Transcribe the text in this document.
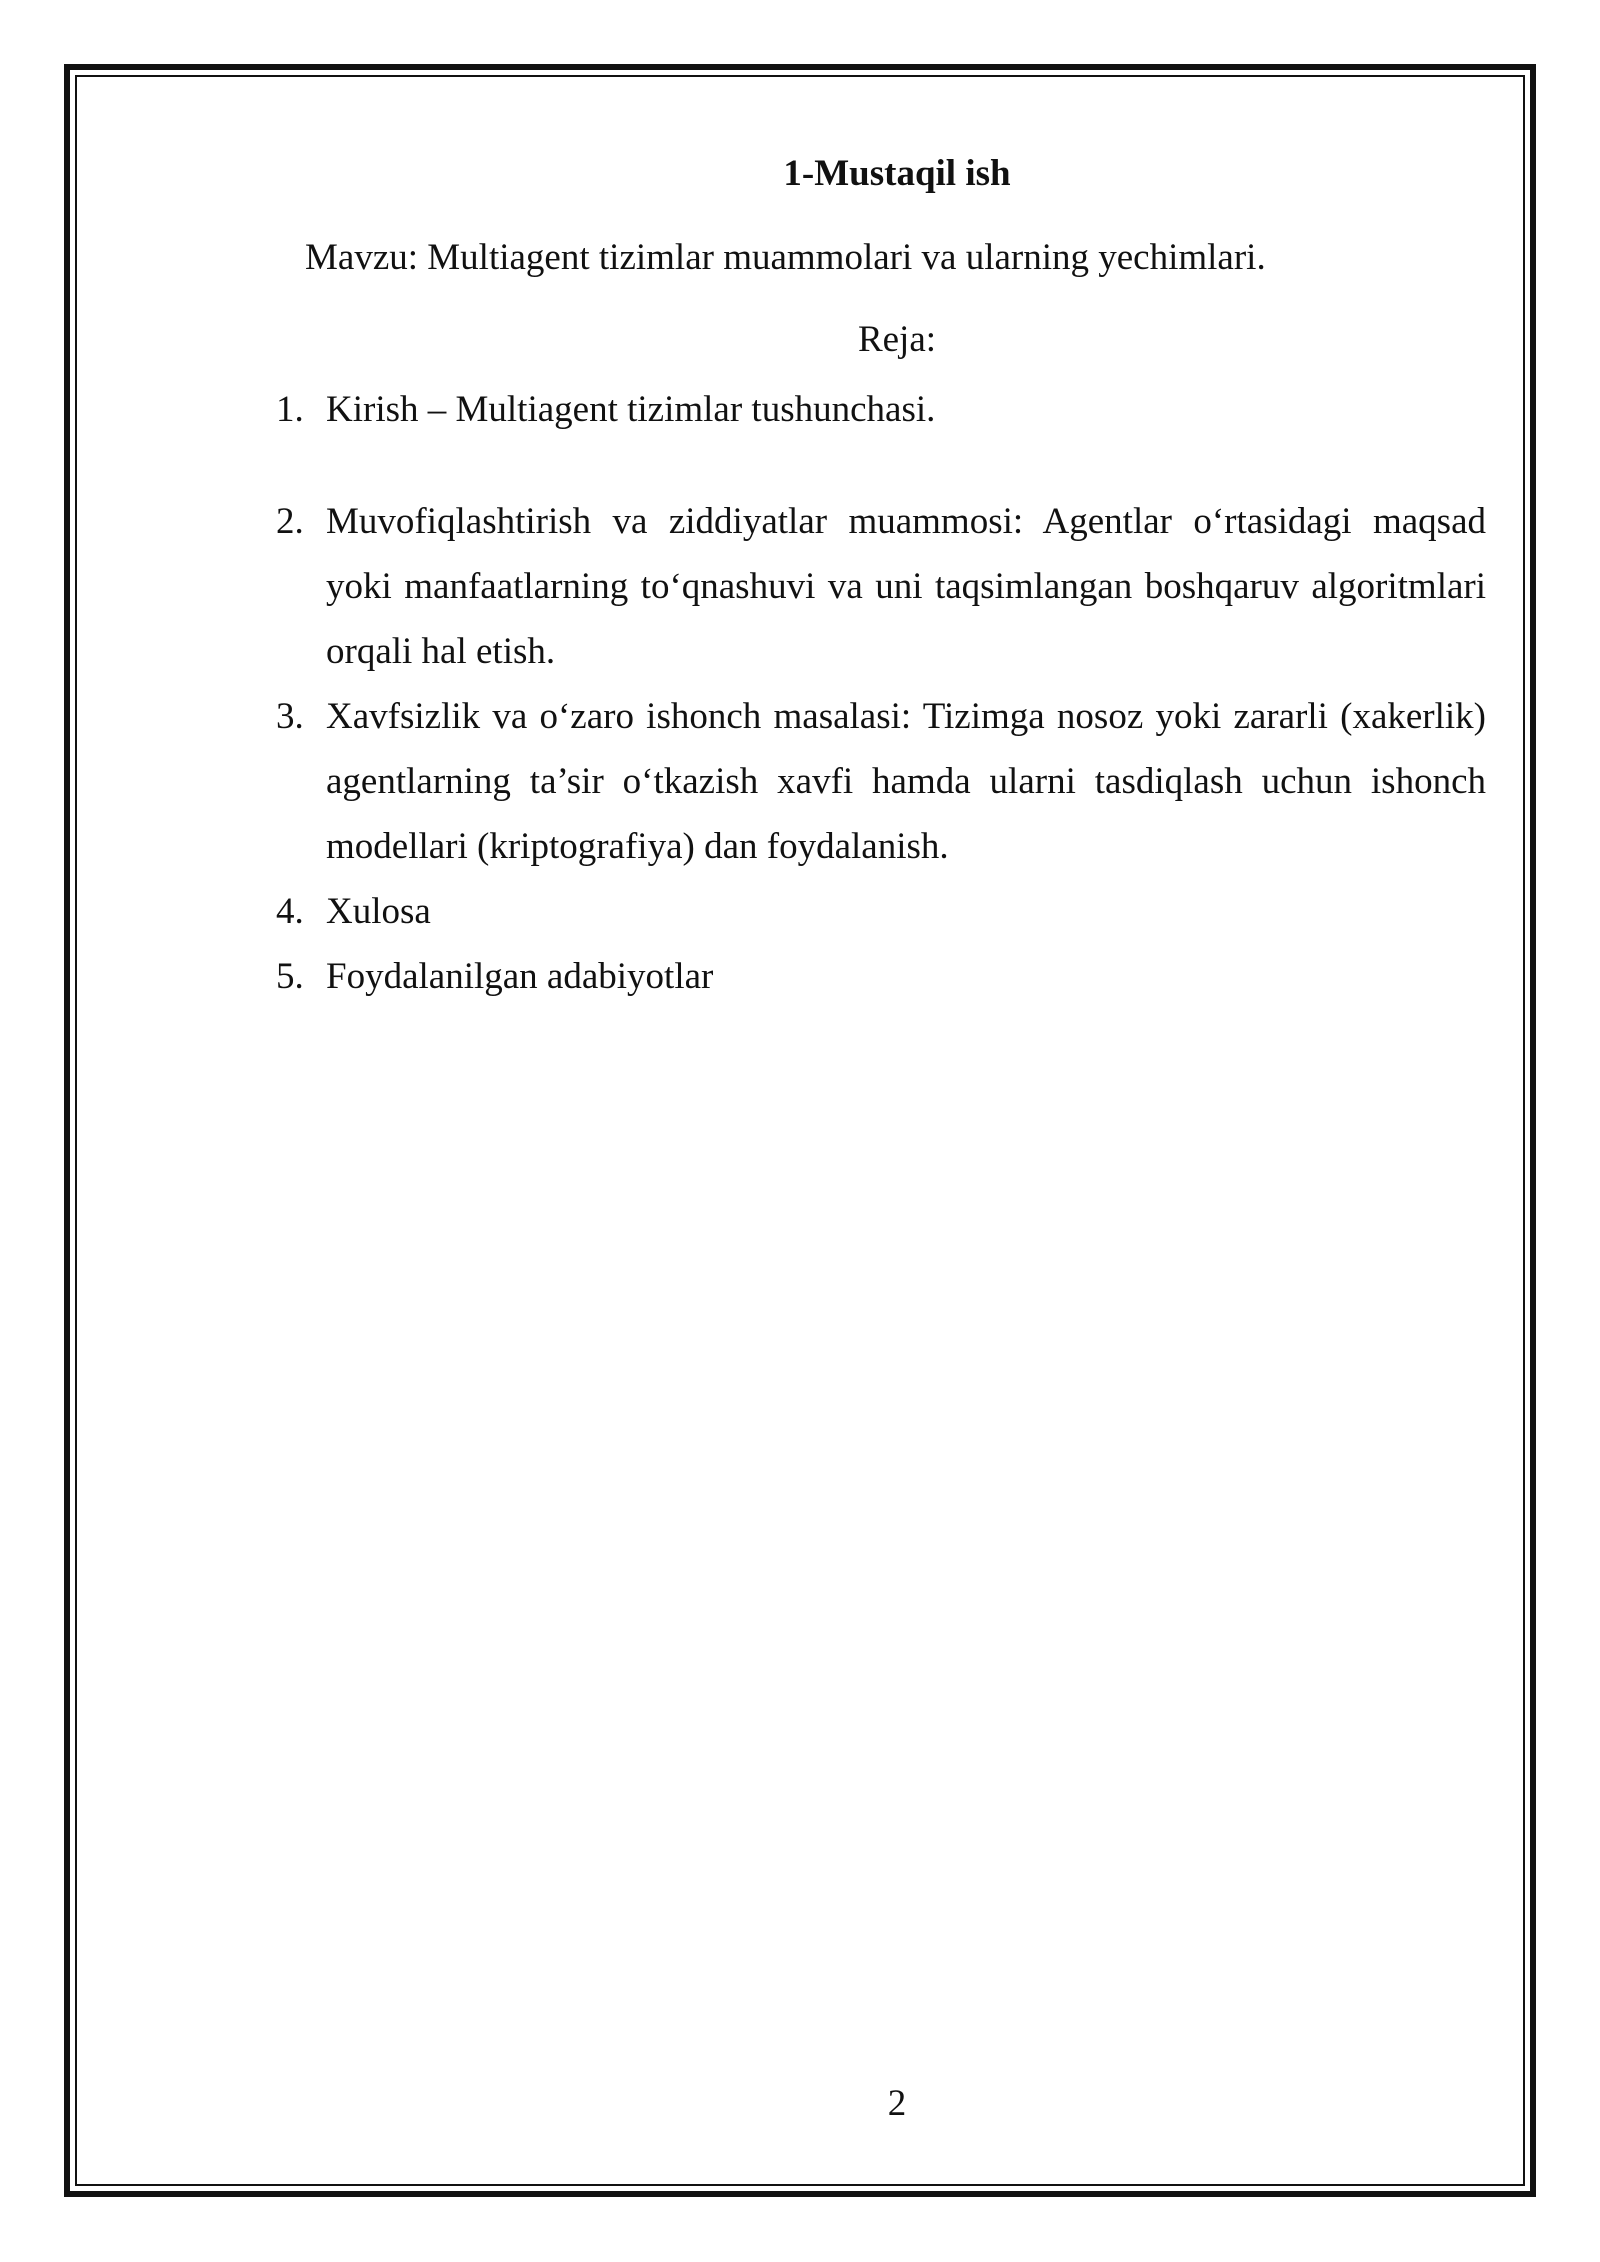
1-Mustaqil ish

Mavzu: Multiagent tizimlar muammolari va ularning yechimlari.

Reja:

1. Kirish – Multiagent tizimlar tushunchasi.
2. Muvofiqlashtirish va ziddiyatlar muammosi: Agentlar o‘rtasidagi maqsad yoki manfaatlarning to‘qnashuvi va uni taqsimlangan boshqaruv algoritmlari orqali hal etish.
3. Xavfsizlik va o‘zaro ishonch masalasi: Tizimga nosoz yoki zararli (xakerlik) agentlarning ta’sir o‘tkazish xavfi hamda ularni tasdiqlash uchun ishonch modellari (kriptografiya) dan foydalanish.
4. Xulosa
5. Foydalanilgan adabiyotlar

2
